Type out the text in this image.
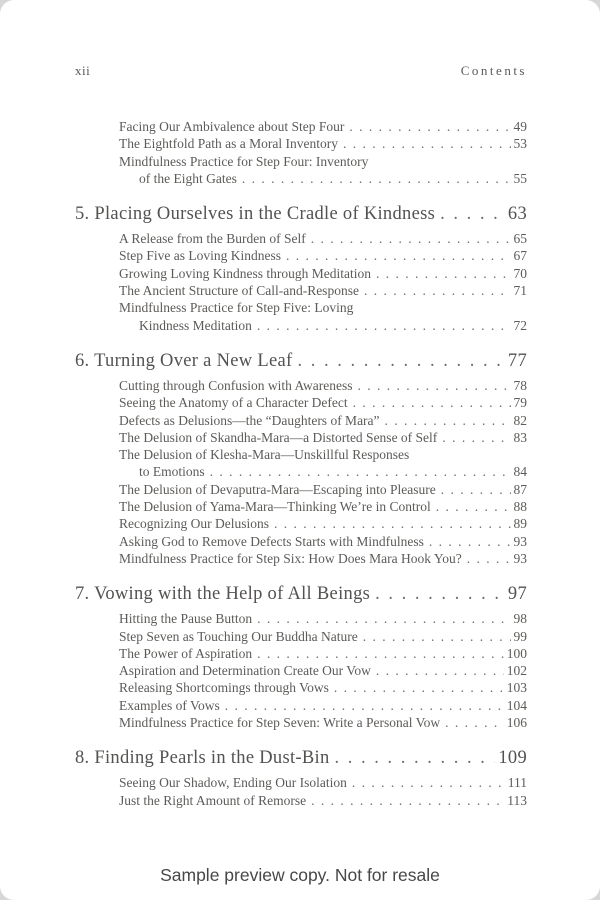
xii	Contents
Facing Our Ambivalence about Step Four . . .	49
The Eightfold Path as a Moral Inventory . . .	53
Mindfulness Practice for Step Four: Inventory
of the Eight Gates . . .	55
5. Placing Ourselves in the Cradle of Kindness . . .	63
A Release from the Burden of Self . . .	65
Step Five as Loving Kindness . . .	67
Growing Loving Kindness through Meditation . . .	70
The Ancient Structure of Call-and-Response . . .	71
Mindfulness Practice for Step Five: Loving
Kindness Meditation . . .	72
6. Turning Over a New Leaf . . .	77
Cutting through Confusion with Awareness . . .	78
Seeing the Anatomy of a Character Defect . . .	79
Defects as Delusions—the “Daughters of Mara” . . .	82
The Delusion of Skandha-Mara—a Distorted Sense of Self . . .	83
The Delusion of Klesha-Mara—Unskillful Responses
to Emotions . . .	84
The Delusion of Devaputra-Mara—Escaping into Pleasure . . .	87
The Delusion of Yama-Mara—Thinking We’re in Control . . .	88
Recognizing Our Delusions . . .	89
Asking God to Remove Defects Starts with Mindfulness . . .	93
Mindfulness Practice for Step Six: How Does Mara Hook You? . . .	93
7. Vowing with the Help of All Beings . . .	97
Hitting the Pause Button . . .	98
Step Seven as Touching Our Buddha Nature . . .	99
The Power of Aspiration . . .	100
Aspiration and Determination Create Our Vow . . .	102
Releasing Shortcomings through Vows . . .	103
Examples of Vows . . .	104
Mindfulness Practice for Step Seven: Write a Personal Vow . . .	106
8. Finding Pearls in the Dust-Bin . . .	109
Seeing Our Shadow, Ending Our Isolation . . .	111
Just the Right Amount of Remorse . . .	113
Sample preview copy. Not for resale
